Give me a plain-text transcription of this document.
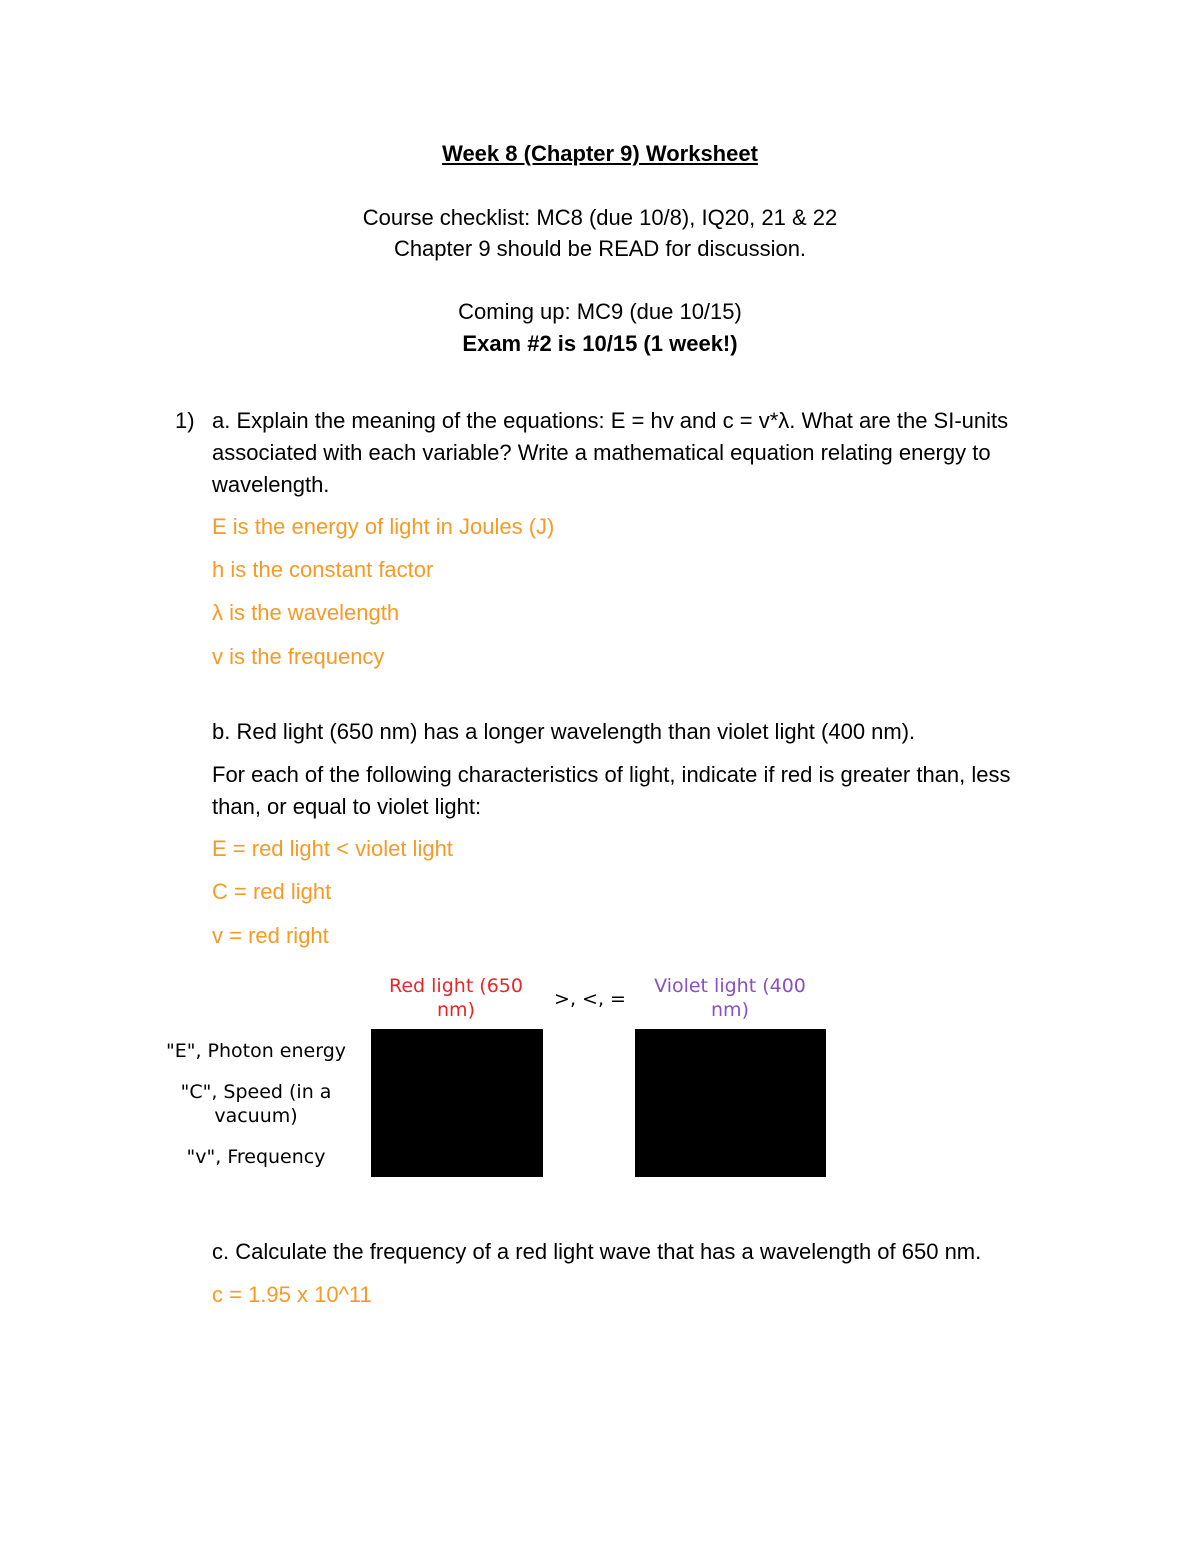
Week 8 (Chapter 9) Worksheet
Course checklist: MC8 (due 10/8), IQ20, 21 & 22
Chapter 9 should be READ for discussion.
Coming up: MC9 (due 10/15)
Exam #2 is 10/15 (1 week!)
1) a. Explain the meaning of the equations: E = hv and c = v*λ. What are the SI-units associated with each variable? Write a mathematical equation relating energy to wavelength.
E is the energy of light in Joules (J)
h is the constant factor
λ is the wavelength
v is the frequency
b. Red light (650 nm) has a longer wavelength than violet light (400 nm).
For each of the following characteristics of light, indicate if red is greater than, less than, or equal to violet light:
E = red light < violet light
C = red light
v = red right
Red light (650 nm)	>, <, =
Violet light (400 nm)
"E", Photon energy
"C", Speed (in a vacuum)
"v", Frequency
c. Calculate the frequency of a red light wave that has a wavelength of 650 nm.
c = 1.95 x 10^11
